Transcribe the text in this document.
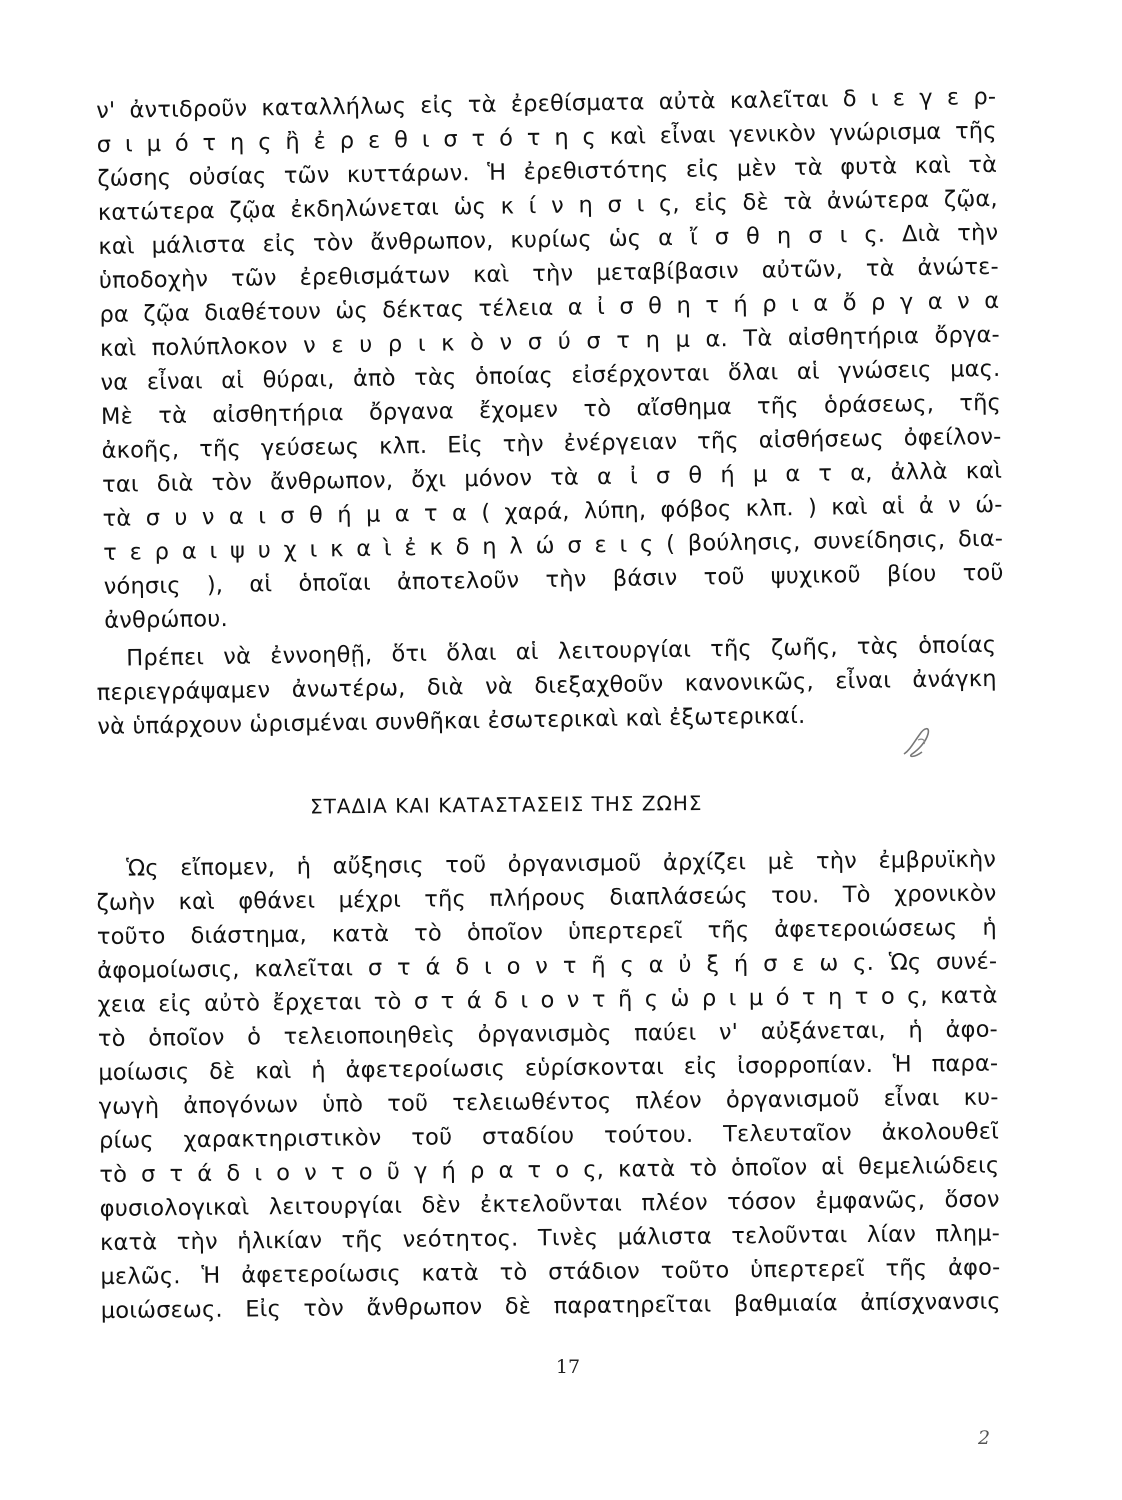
ν' ἀντιδροῦν καταλλήλως εἰς τὰ ἐρεθίσματα αὐτὰ καλεῖται δ ι ε γ ε ρ-
σ ι μ ό τ η ς ἢ ἐ ρ ε θ ι σ τ ό τ η ς καὶ εἶναι γενικὸν γνώρισμα τῆς
ζώσης οὐσίας τῶν κυττάρων. Ἡ ἐρεθιστότης εἰς μὲν τὰ φυτὰ καὶ τὰ
κατώτερα ζῷα ἐκδηλώνεται ὡς κ ί ν η σ ι ς, εἰς δὲ τὰ ἀνώτερα ζῷα,
καὶ μάλιστα εἰς τὸν ἄνθρωπον, κυρίως ὡς α ἴ σ θ η σ ι ς. Διὰ τὴν
ὑποδοχὴν τῶν ἐρεθισμάτων καὶ τὴν μεταβίβασιν αὐτῶν, τὰ ἀνώτε-
ρα ζῷα διαθέτουν ὡς δέκτας τέλεια α ἰ σ θ η τ ή ρ ι α ὄ ρ γ α ν α
καὶ πολύπλοκον ν ε υ ρ ι κ ὸ ν σ ύ σ τ η μ α. Τὰ αἰσθητήρια ὄργα-
να εἶναι αἱ θύραι, ἀπὸ τὰς ὁποίας εἰσέρχονται ὅλαι αἱ γνώσεις μας.
Μὲ τὰ αἰσθητήρια ὄργανα ἔχομεν τὸ αἴσθημα τῆς ὁράσεως, τῆς
ἀκοῆς, τῆς γεύσεως κλπ. Εἰς τὴν ἐνέργειαν τῆς αἰσθήσεως ὀφείλον-
ται διὰ τὸν ἄνθρωπον, ὄχι μόνον τὰ α ἰ σ θ ή μ α τ α, ἀλλὰ καὶ
τὰ σ υ ν α ι σ θ ή μ α τ α ( χαρά, λύπη, φόβος κλπ. ) καὶ αἱ ἀ ν ώ-
τ ε ρ α ι ψ υ χ ι κ α ὶ ἐ κ δ η λ ώ σ ε ι ς ( βούλησις, συνείδησις, δια-
νόησις ), αἱ ὁποῖαι ἀποτελοῦν τὴν βάσιν τοῦ ψυχικοῦ βίου τοῦ
ἀνθρώπου.
Πρέπει νὰ ἐννοηθῇ, ὅτι ὅλαι αἱ λειτουργίαι τῆς ζωῆς, τὰς ὁποίας
περιεγράψαμεν ἀνωτέρω, διὰ νὰ διεξαχθοῦν κανονικῶς, εἶναι ἀνάγκη
νὰ ὑπάρχουν ὡρισμέναι συνθῆκαι ἐσωτερικαὶ καὶ ἐξωτερικαί.
ΣΤΑΔΙΑ ΚΑΙ ΚΑΤΑΣΤΑΣΕΙΣ ΤΗΣ ΖΩΗΣ
Ὡς εἴπομεν, ἡ αὔξησις τοῦ ὀργανισμοῦ ἀρχίζει μὲ τὴν ἐμβρυϊκὴν
ζωὴν καὶ φθάνει μέχρι τῆς πλήρους διαπλάσεώς του. Τὸ χρονικὸν
τοῦτο διάστημα, κατὰ τὸ ὁποῖον ὑπερτερεῖ τῆς ἀφετεροιώσεως ἡ
ἀφομοίωσις, καλεῖται σ τ ά δ ι ο ν τ ῆ ς α ὐ ξ ή σ ε ω ς. Ὡς συνέ-
χεια εἰς αὐτὸ ἔρχεται τὸ σ τ ά δ ι ο ν τ ῆ ς ὡ ρ ι μ ό τ η τ ο ς, κατὰ
τὸ ὁποῖον ὁ τελειοποιηθεὶς ὀργανισμὸς παύει ν' αὐξάνεται, ἡ ἀφο-
μοίωσις δὲ καὶ ἡ ἀφετεροίωσις εὑρίσκονται εἰς ἰσορροπίαν. Ἡ παρα-
γωγὴ ἀπογόνων ὑπὸ τοῦ τελειωθέντος πλέον ὀργανισμοῦ εἶναι κυ-
ρίως χαρακτηριστικὸν τοῦ σταδίου τούτου. Τελευταῖον ἀκολουθεῖ
τὸ σ τ ά δ ι ο ν τ ο ῦ γ ή ρ α τ ο ς, κατὰ τὸ ὁποῖον αἱ θεμελιώδεις
φυσιολογικαὶ λειτουργίαι δὲν ἐκτελοῦνται πλέον τόσον ἐμφανῶς, ὅσον
κατὰ τὴν ἡλικίαν τῆς νεότητος. Τινὲς μάλιστα τελοῦνται λίαν πλημ-
μελῶς. Ἡ ἀφετεροίωσις κατὰ τὸ στάδιον τοῦτο ὑπερτερεῖ τῆς ἀφο-
μοιώσεως. Εἰς τὸν ἄνθρωπον δὲ παρατηρεῖται βαθμιαία ἀπίσχνανσις
17
2
